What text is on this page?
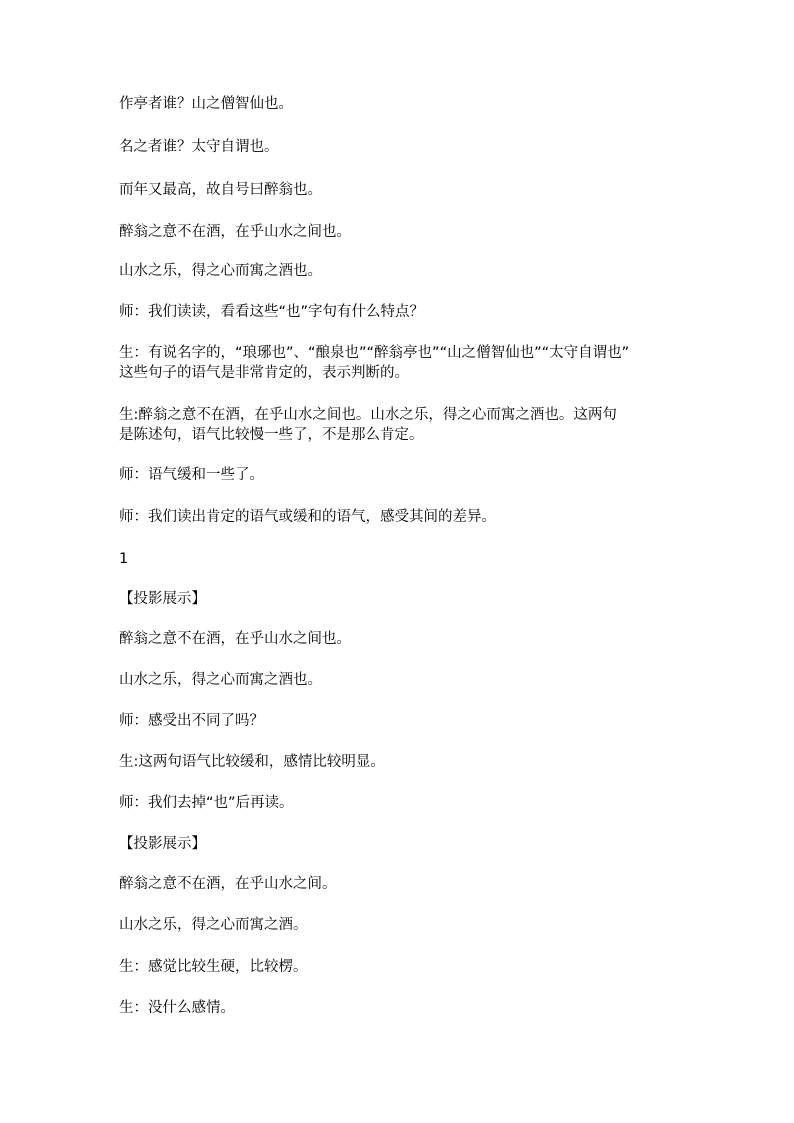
作亭者谁？山之僧智仙也。

名之者谁？太守自谓也。

而年又最高，故自号曰醉翁也。

醉翁之意不在酒，在乎山水之间也。

山水之乐，得之心而寓之酒也。

师：我们读读，看看这些“也”字句有什么特点？

生：有说名字的，“琅琊也”、“酿泉也”“醉翁亭也”“山之僧智仙也”“太守自谓也”
这些句子的语气是非常肯定的，表示判断的。

生:醉翁之意不在酒，在乎山水之间也。山水之乐，得之心而寓之酒也。这两句
是陈述句，语气比较慢一些了，不是那么肯定。

师：语气缓和一些了。

师：我们读出肯定的语气或缓和的语气，感受其间的差异。

1

【投影展示】

醉翁之意不在酒，在乎山水之间也。

山水之乐，得之心而寓之酒也。

师：感受出不同了吗？

生:这两句语气比较缓和，感情比较明显。

师：我们去掉“也”后再读。

【投影展示】

醉翁之意不在酒，在乎山水之间。

山水之乐，得之心而寓之酒。

生：感觉比较生硬，比较楞。

生：没什么感情。
